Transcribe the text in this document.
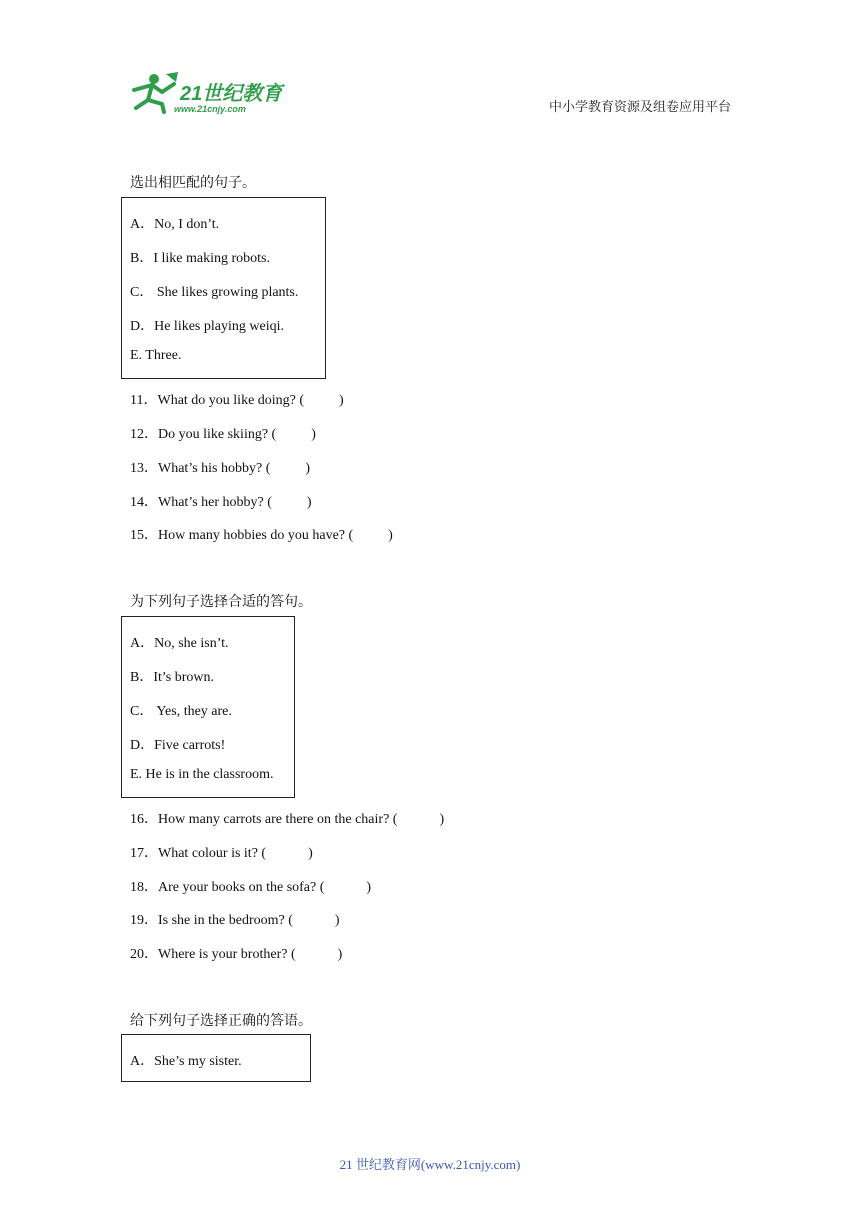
21世纪教育
www.21cnjy.com	中小学教育资源及组卷应用平台
选出相匹配的句子。
A．No, I don’t.
B．I like making robots.
C． She likes growing plants.
D．He likes playing weiqi.
E. Three.
11．What do you like doing? (          )
12．Do you like skiing? (          )
13．What’s his hobby? (          )
14．What’s her hobby? (          )
15．How many hobbies do you have? (          )
为下列句子选择合适的答句。
A．No, she isn’t.
B．It’s brown.
C． Yes, they are.
D．Five carrots!
E. He is in the classroom.
16．How many carrots are there on the chair? (            )
17．What colour is it? (            )
18．Are your books on the sofa? (            )
19．Is she in the bedroom? (            )
20．Where is your brother? (            )
给下列句子选择正确的答语。
A．She’s my sister.
21 世纪教育网(www.21cnjy.com)
